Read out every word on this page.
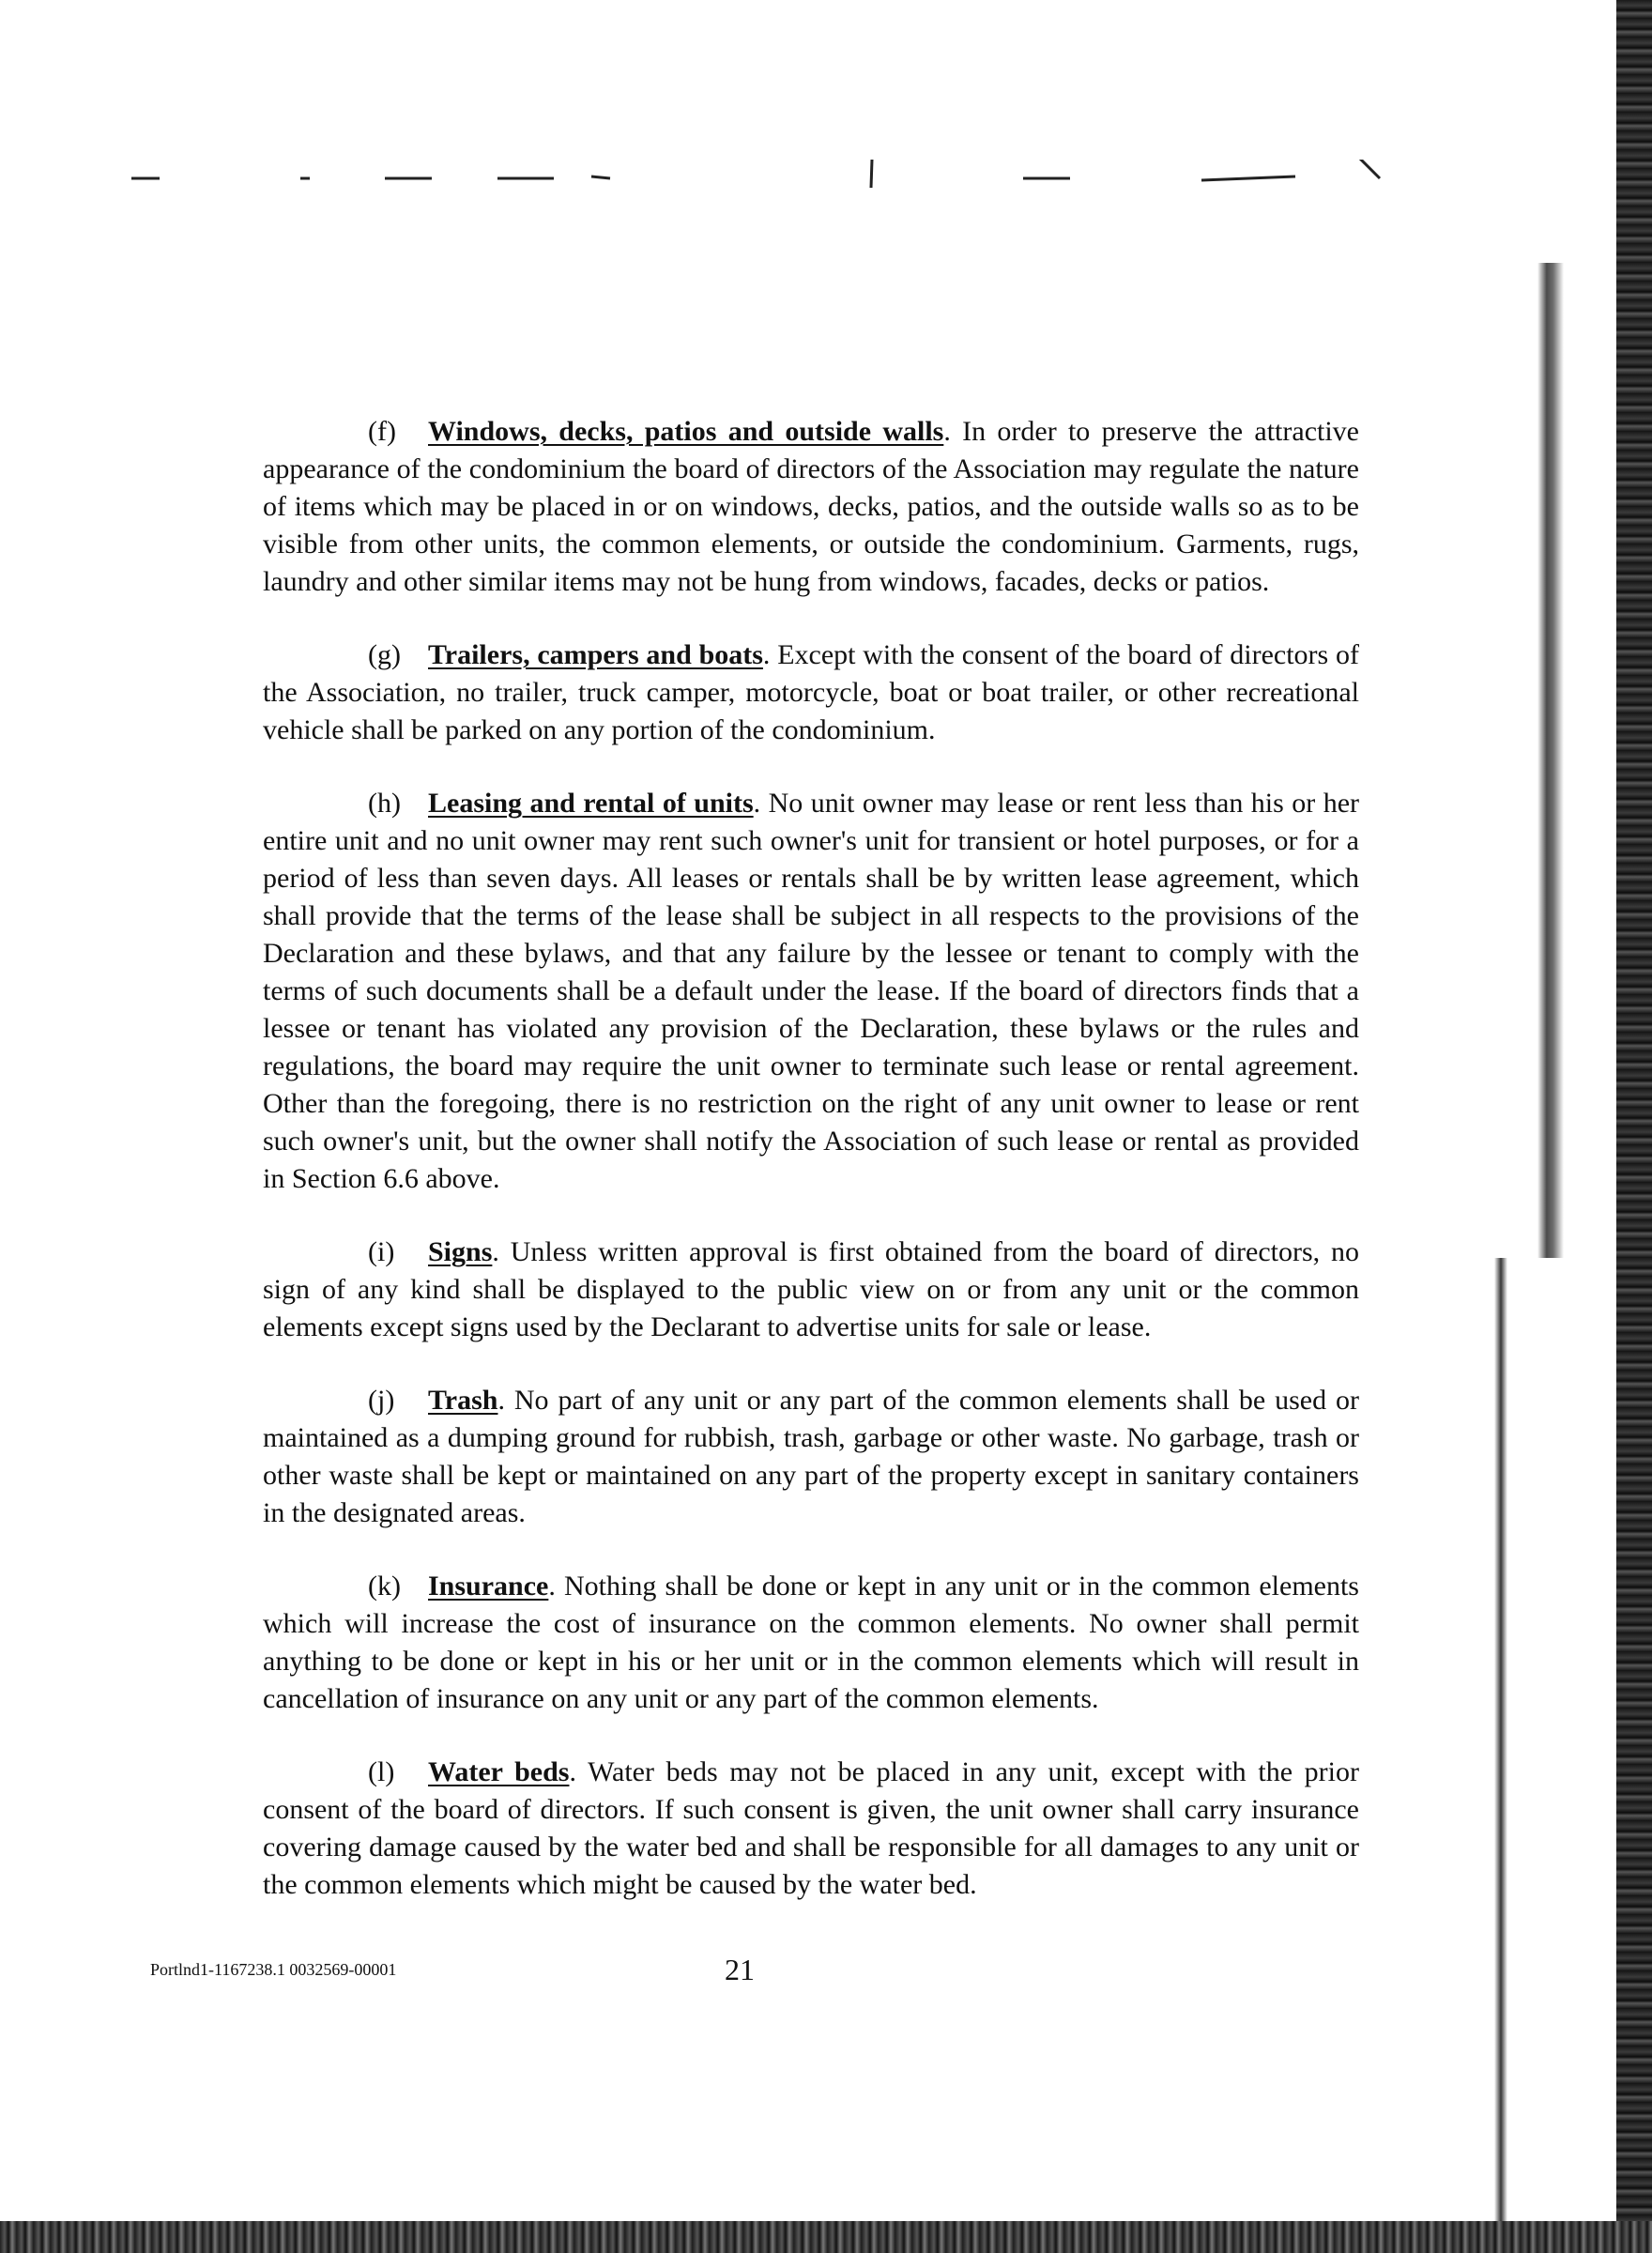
(f) Windows, decks, patios and outside walls. In order to preserve the attractive appearance of the condominium the board of directors of the Association may regulate the nature of items which may be placed in or on windows, decks, patios, and the outside walls so as to be visible from other units, the common elements, or outside the condominium. Garments, rugs, laundry and other similar items may not be hung from windows, facades, decks or patios.

(g) Trailers, campers and boats. Except with the consent of the board of directors of the Association, no trailer, truck camper, motorcycle, boat or boat trailer, or other recreational vehicle shall be parked on any portion of the condominium.

(h) Leasing and rental of units. No unit owner may lease or rent less than his or her entire unit and no unit owner may rent such owner's unit for transient or hotel purposes, or for a period of less than seven days. All leases or rentals shall be by written lease agreement, which shall provide that the terms of the lease shall be subject in all respects to the provisions of the Declaration and these bylaws, and that any failure by the lessee or tenant to comply with the terms of such documents shall be a default under the lease. If the board of directors finds that a lessee or tenant has violated any provision of the Declaration, these bylaws or the rules and regulations, the board may require the unit owner to terminate such lease or rental agreement. Other than the foregoing, there is no restriction on the right of any unit owner to lease or rent such owner's unit, but the owner shall notify the Association of such lease or rental as provided in Section 6.6 above.

(i) Signs. Unless written approval is first obtained from the board of directors, no sign of any kind shall be displayed to the public view on or from any unit or the common elements except signs used by the Declarant to advertise units for sale or lease.

(j) Trash. No part of any unit or any part of the common elements shall be used or maintained as a dumping ground for rubbish, trash, garbage or other waste. No garbage, trash or other waste shall be kept or maintained on any part of the property except in sanitary containers in the designated areas.

(k) Insurance. Nothing shall be done or kept in any unit or in the common elements which will increase the cost of insurance on the common elements. No owner shall permit anything to be done or kept in his or her unit or in the common elements which will result in cancellation of insurance on any unit or any part of the common elements.

(l) Water beds. Water beds may not be placed in any unit, except with the prior consent of the board of directors. If such consent is given, the unit owner shall carry insurance covering damage caused by the water bed and shall be responsible for all damages to any unit or the common elements which might be caused by the water bed.

Portlnd1-1167238.1 0032569-00001	21
